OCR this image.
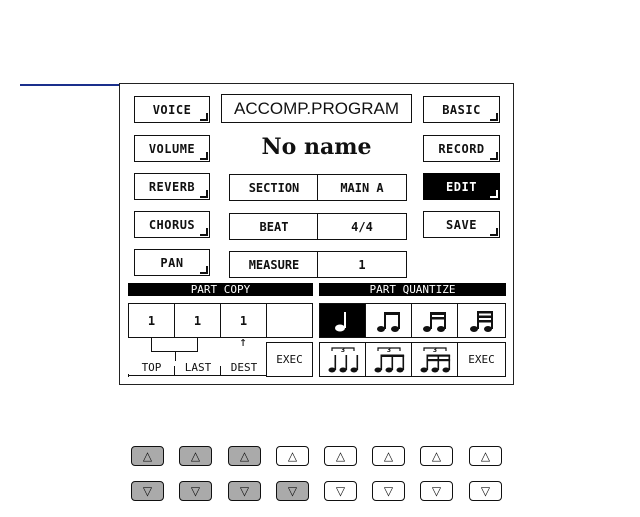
VOICE
VOLUME
REVERB
CHORUS
PAN
ACCOMP.PROGRAM
No name
SECTION	MAIN A
BEAT	4/4
MEASURE	1
BASIC
RECORD
EDIT
SAVE
PART COPY	PART QUANTIZE
1	1	1
↑
TOP	LAST	DEST
EXEC
3	3	3
EXEC
△	△	△	△	△	△	△	△
▽	▽	▽	▽	▽	▽	▽	▽
